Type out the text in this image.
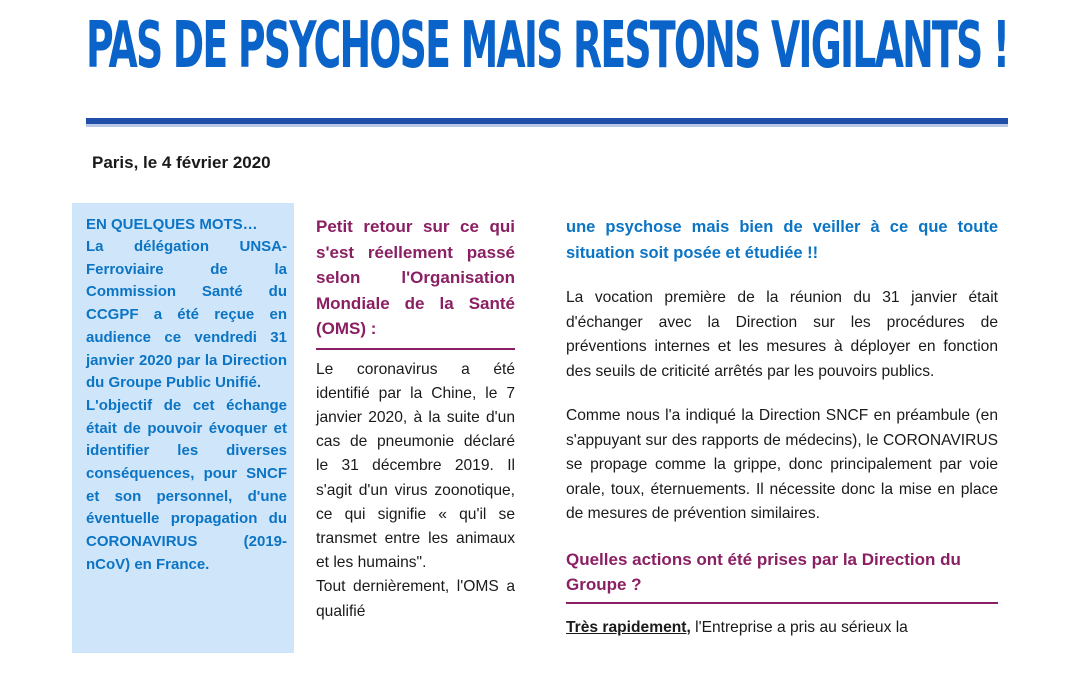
PAS DE PSYCHOSE MAIS RESTONS VIGILANTS !
Paris, le 4 février 2020
EN QUELQUES MOTS…
La délégation UNSA-Ferroviaire de la Commission Santé du CCGPF a été reçue en audience ce vendredi 31 janvier 2020 par la Direction du Groupe Public Unifié.
L'objectif de cet échange était de pouvoir évoquer et identifier les diverses conséquences, pour SNCF et son personnel, d'une éventuelle propagation du CORONAVIRUS (2019-nCoV) en France.
Petit retour sur ce qui s'est réellement passé selon l'Organisation Mondiale de la Santé (OMS) :
Le coronavirus a été identifié par la Chine, le 7 janvier 2020, à la suite d'un cas de pneumonie déclaré le 31 décembre 2019. Il s'agit d'un virus zoonotique, ce qui signifie « qu'il se transmet entre les animaux et les humains".
Tout dernièrement, l'OMS a qualifié
une psychose mais bien de veiller à ce que toute situation soit posée et étudiée !!
La vocation première de la réunion du 31 janvier était d'échanger avec la Direction sur les procédures de préventions internes et les mesures à déployer en fonction des seuils de criticité arrêtés par les pouvoirs publics.
Comme nous l'a indiqué la Direction SNCF en préambule (en s'appuyant sur des rapports de médecins), le CORONAVIRUS se propage comme la grippe, donc principalement par voie orale, toux, éternuements. Il nécessite donc la mise en place de mesures de prévention similaires.
Quelles actions ont été prises par la Direction du Groupe ?
Très rapidement, l'Entreprise a pris au sérieux la
